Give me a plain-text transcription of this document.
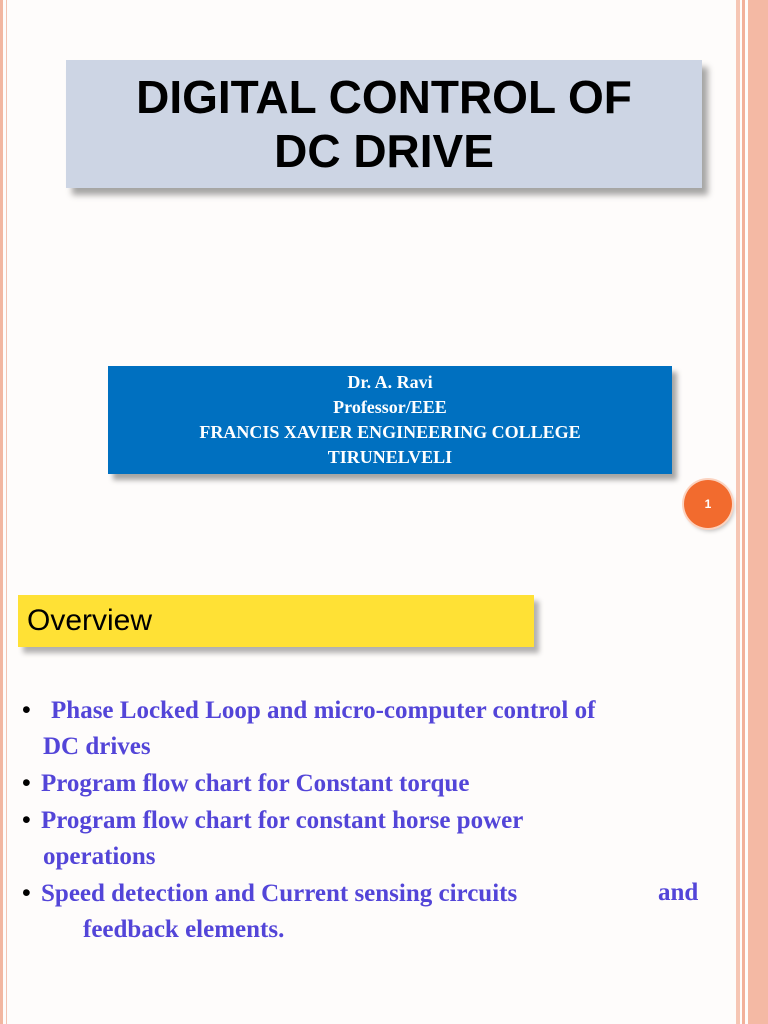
DIGITAL CONTROL OF
DC DRIVE
Dr. A. Ravi
Professor/EEE
FRANCIS XAVIER ENGINEERING COLLEGE
TIRUNELVELI
1
Overview
• Phase Locked Loop and micro-computer control of
DC drives
• Program flow chart for Constant torque
• Program flow chart for constant horse power
operations
• Speed detection and Current sensing circuits	and
feedback elements.
